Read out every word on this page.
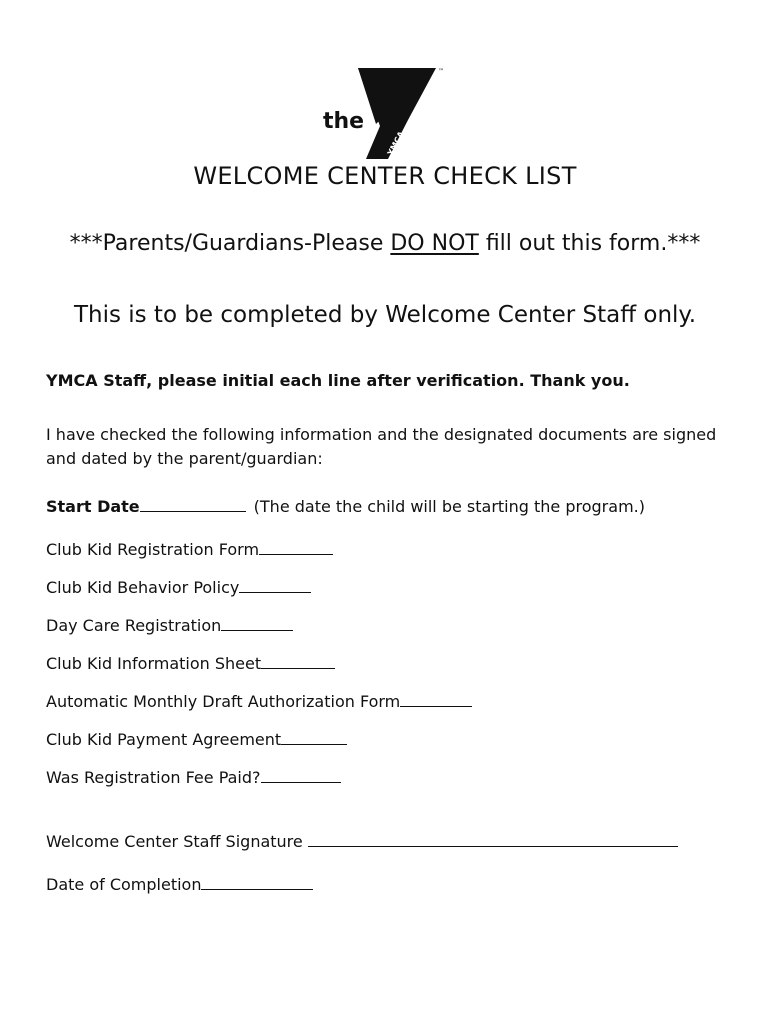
the
™
YMCA
WELCOME CENTER CHECK LIST
***Parents/Guardians-Please DO NOT fill out this form.***
This is to be completed by Welcome Center Staff only.
YMCA Staff, please initial each line after verification. Thank you.
I have checked the following information and the designated documents are signed and dated by the parent/guardian:
Start Date	(The date the child will be starting the program.)
Club Kid Registration Form
Club Kid Behavior Policy
Day Care Registration
Club Kid Information Sheet
Automatic Monthly Draft Authorization Form
Club Kid Payment Agreement
Was Registration Fee Paid?
Welcome Center Staff Signature
Date of Completion
